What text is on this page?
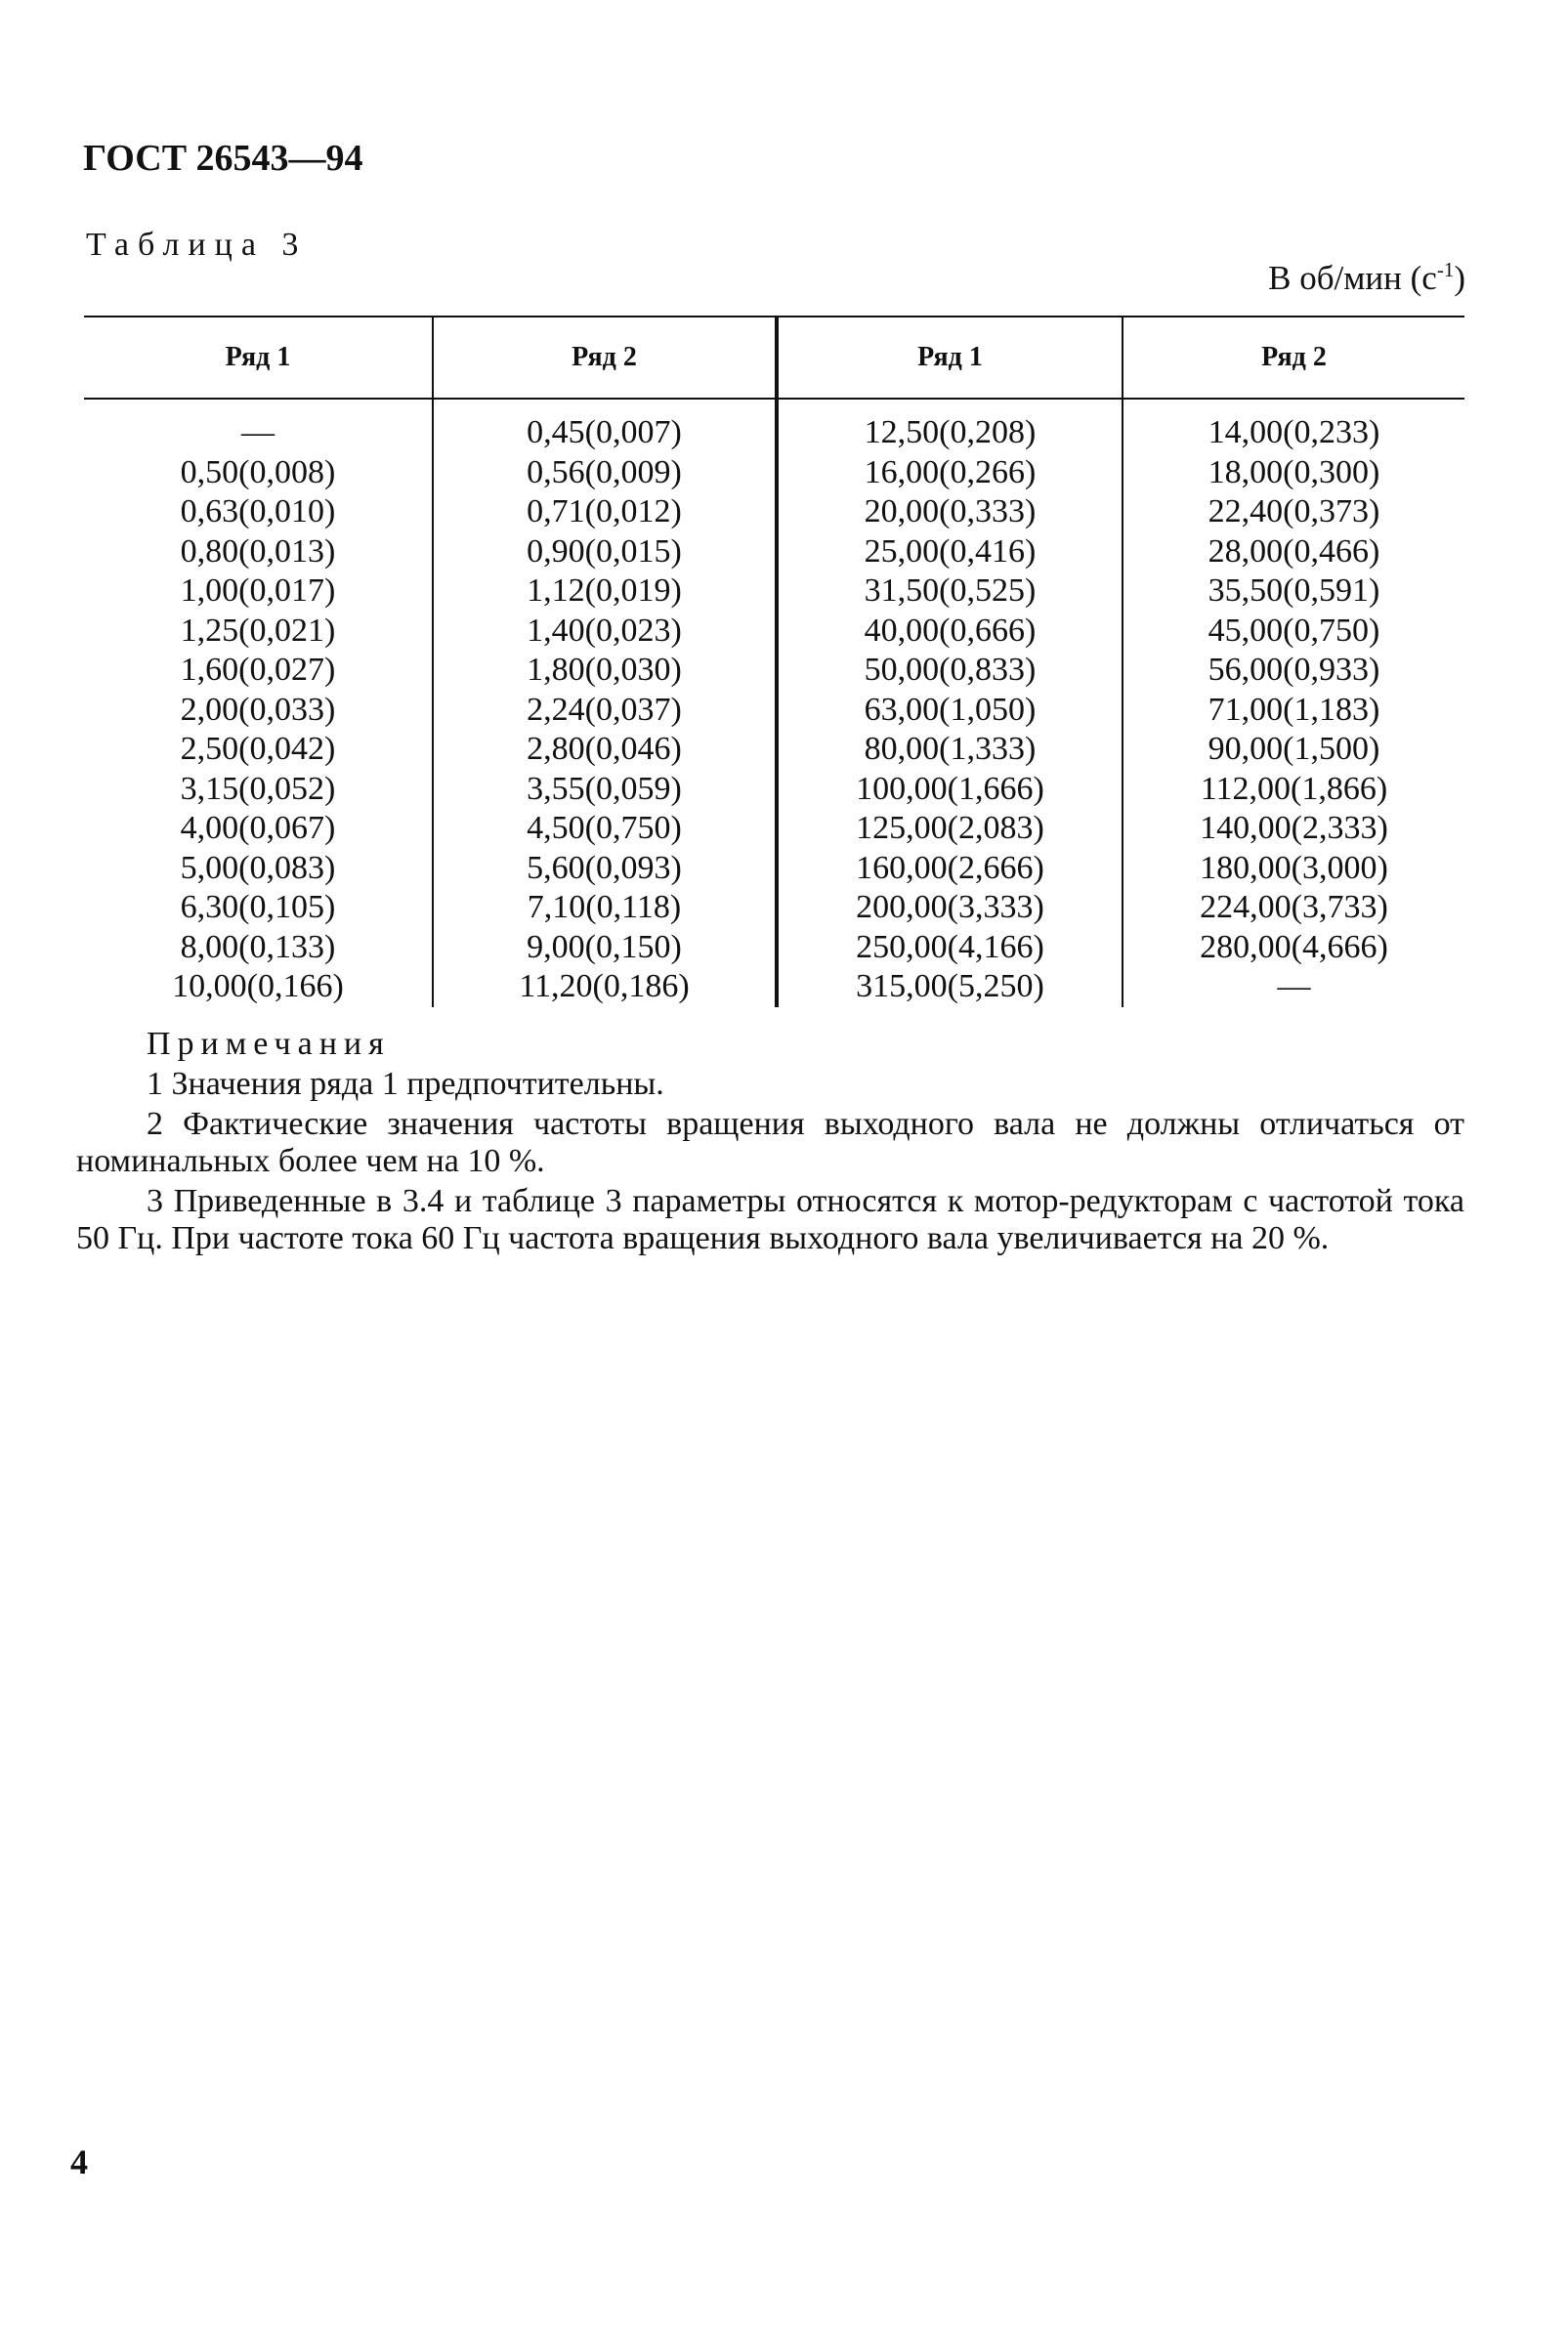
ГОСТ 26543—94
Таблица 3
В об/мин $(с^{-1})$
Ряд 1	Ряд 2	Ряд 1	Ряд 2
—	0,45(0,007)	12,50(0,208)	14,00(0,233)
0,50(0,008)	0,56(0,009)	16,00(0,266)	18,00(0,300)
0,63(0,010)	0,71(0,012)	20,00(0,333)	22,40(0,373)
0,80(0,013)	0,90(0,015)	25,00(0,416)	28,00(0,466)
1,00(0,017)	1,12(0,019)	31,50(0,525)	35,50(0,591)
1,25(0,021)	1,40(0,023)	40,00(0,666)	45,00(0,750)
1,60(0,027)	1,80(0,030)	50,00(0,833)	56,00(0,933)
2,00(0,033)	2,24(0,037)	63,00(1,050)	71,00(1,183)
2,50(0,042)	2,80(0,046)	80,00(1,333)	90,00(1,500)
3,15(0,052)	3,55(0,059)	100,00(1,666)	112,00(1,866)
4,00(0,067)	4,50(0,750)	125,00(2,083)	140,00(2,333)
5,00(0,083)	5,60(0,093)	160,00(2,666)	180,00(3,000)
6,30(0,105)	7,10(0,118)	200,00(3,333)	224,00(3,733)
8,00(0,133)	9,00(0,150)	250,00(4,166)	280,00(4,666)
10,00(0,166)	11,20(0,186)	315,00(5,250)	—
Примечания
1 Значения ряда 1 предпочтительны.
2 Фактические значения частоты вращения выходного вала не должны отличаться от номинальных более чем на 10 %.
3 Приведенные в 3.4 и таблице 3 параметры относятся к мотор-редукторам с частотой тока 50 Гц. При частоте тока 60 Гц частота вращения выходного вала увеличивается на 20 %.
4
